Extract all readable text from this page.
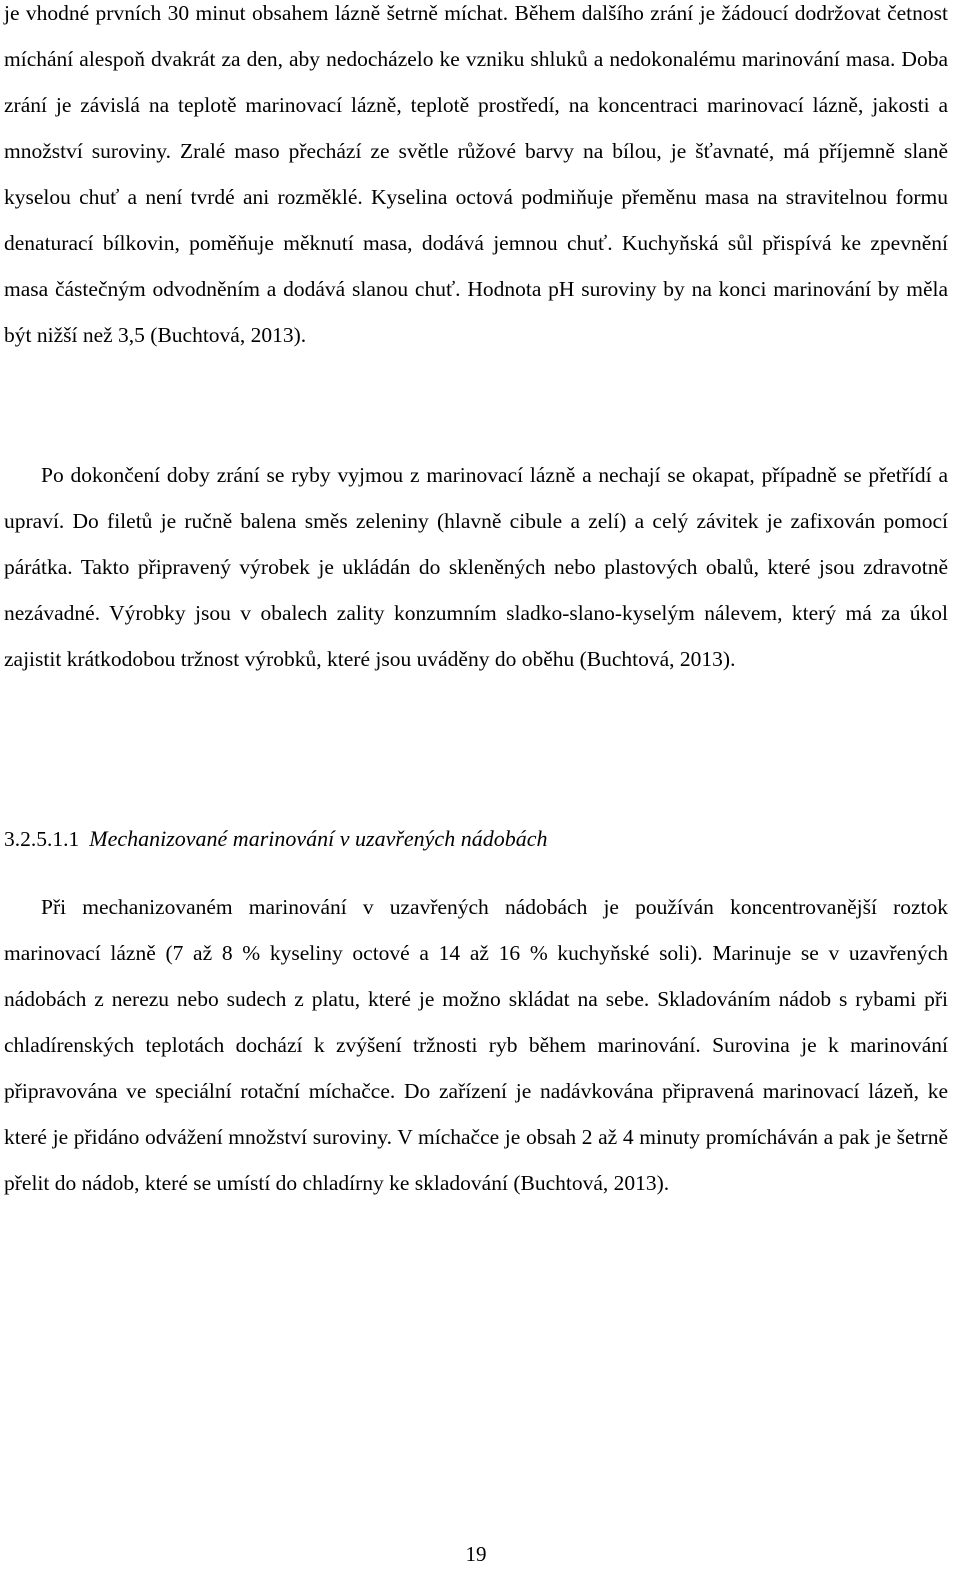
je vhodné prvních 30 minut obsahem lázně šetrně míchat. Během dalšího zrání je žádoucí dodržovat četnost míchání alespoň dvakrát za den, aby nedocházelo ke vzniku shluků a nedokonalému marinování masa. Doba zrání je závislá na teplotě marinovací lázně, teplotě prostředí, na koncentraci marinovací lázně, jakosti a množství suroviny. Zralé maso přechází ze světle růžové barvy na bílou, je šťavnaté, má příjemně slaně kyselou chuť a není tvrdé ani rozměklé. Kyselina octová podmiňuje přeměnu masa na stravitelnou formu denaturací bílkovin, poměňuje měknutí masa, dodává jemnou chuť. Kuchyňská sůl přispívá ke zpevnění masa částečným odvodněním a dodává slanou chuť. Hodnota pH suroviny by na konci marinování by měla být nižší než 3,5 (Buchtová, 2013).

Po dokončení doby zrání se ryby vyjmou z marinovací lázně a nechají se okapat, případně se přetřídí a upraví. Do filetů je ručně balena směs zeleniny (hlavně cibule a zelí) a celý závitek je zafixován pomocí párátka. Takto připravený výrobek je ukládán do skleněných nebo plastových obalů, které jsou zdravotně nezávadné. Výrobky jsou v obalech zality konzumním sladko-slano-kyselým nálevem, který má za úkol zajistit krátkodobou tržnost výrobků, které jsou uváděny do oběhu (Buchtová, 2013).

3.2.5.1.1 Mechanizované marinování v uzavřených nádobách

Při mechanizovaném marinování v uzavřených nádobách je používán koncentrovanější roztok marinovací lázně (7 až 8 % kyseliny octové a 14 až 16 % kuchyňské soli). Marinuje se v uzavřených nádobách z nerezu nebo sudech z platu, které je možno skládat na sebe. Skladováním nádob s rybami při chladírenských teplotách dochází k zvýšení tržnosti ryb během marinování. Surovina je k marinování připravována ve speciální rotační míchačce. Do zařízení je nadávkována připravená marinovací lázeň, ke které je přidáno odvážení množství suroviny. V míchačce je obsah 2 až 4 minuty promícháván a pak je šetrně přelit do nádob, které se umístí do chladírny ke skladování (Buchtová, 2013).

19
